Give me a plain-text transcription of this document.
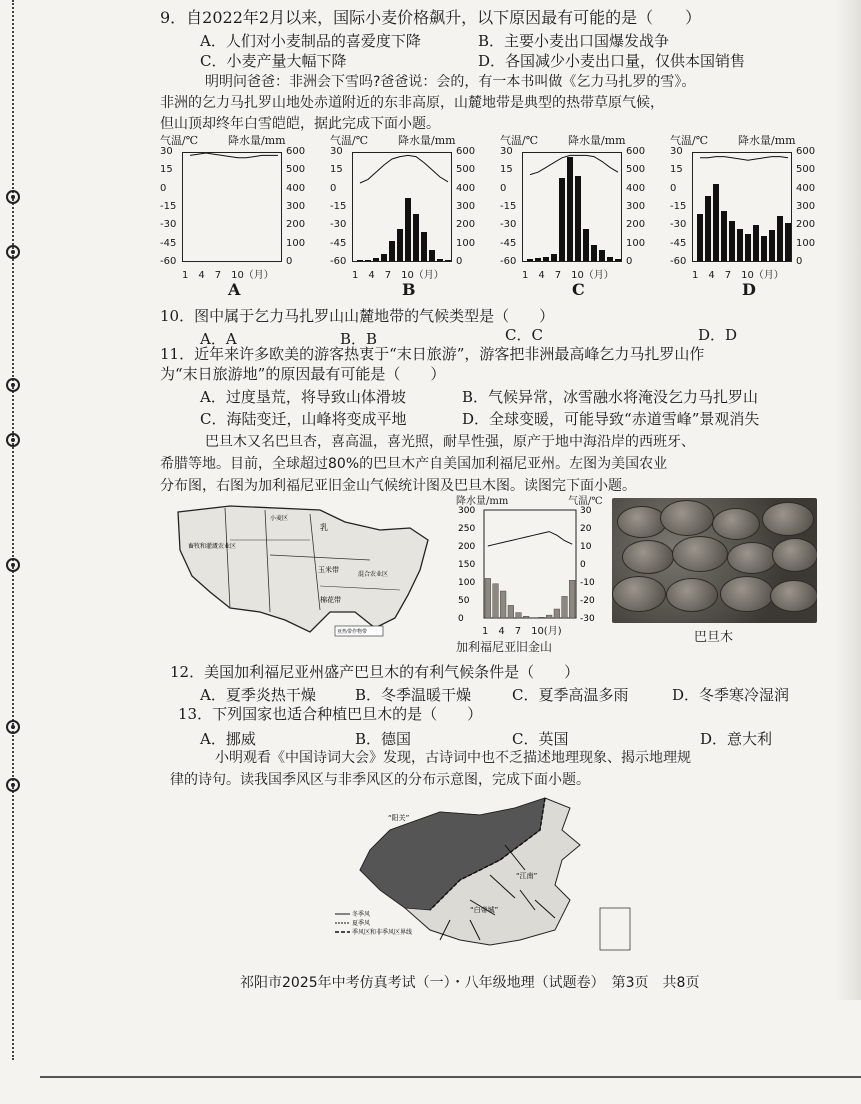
9．自2022年2月以来，国际小麦价格飙升，以下原因最有可能的是（　　）
A．人们对小麦制品的喜爱度下降	B．主要小麦出口国爆发战争
C．小麦产量大幅下降	D．各国减少小麦出口量，仅供本国销售
明明问爸爸：非洲会下雪吗?爸爸说：会的，有一本书叫做《乞力马扎罗的雪》。
非洲的乞力马扎罗山地处赤道附近的东非高原，山麓地带是典型的热带草原气候，
但山顶却终年白雪皑皑，据此完成下面小题。
气温/℃	降水量/mm
30
15
0
-15
-30
-45
-60
600
500
400
300
200
100
0
1　4　7　10（月）
A
气温/℃	降水量/mm
30
15
0
-15
-30
-45
-60
600
500
400
300
200
100
0
1　4　7　10（月）
B
气温/℃	降水量/mm
30
15
0
-15
-30
-45
-60
600
500
400
300
200
100
0
1　4　7　10（月）
C
气温/℃	降水量/mm
30
15
0
-15
-30
-45
-60
600
500
400
300
200
100
0
1　4　7　10（月）
D
10．图中属于乞力马扎罗山山麓地带的气候类型是（　　）
A．A	B．B	C．C	D．D
11．近年来许多欧美的游客热衷于“末日旅游”，游客把非洲最高峰乞力马扎罗山作
为“末日旅游地”的原因最有可能是（　　）
A．过度垦荒，将导致山体滑坡	B．气候异常，冰雪融水将淹没乞力马扎罗山
C．海陆变迁，山峰将变成平地	D．全球变暖，可能导致“赤道雪峰”景观消失
巴旦木又名巴旦杏，喜高温，喜光照，耐旱性强，原产于地中海沿岸的西班牙、
希腊等地。目前，全球超过80%的巴旦木产自美国加利福尼亚州。左图为美国农业
分布图，右图为加利福尼亚旧金山气候统计图及巴旦木图。读图完下面小题。
畜牧和灌溉农业区
小麦区
乳
玉米带
棉花带
混合农业区
亚热带作物带
降水量/mm	气温/℃
300	30
250	20
200	10
150	0
100	-10
50	-20
0	-30
1　4　7　10(月)
加利福尼亚旧金山
巴旦木
12．美国加利福尼亚州盛产巴旦木的有利气候条件是（　　）
A．夏季炎热干燥	B．冬季温暖干燥	C．夏季高温多雨	D．冬季寒冷湿润
13．下列国家也适合种植巴旦木的是（　　）
A．挪威	B．德国	C．英国	D．意大利
小明观看《中国诗词大会》发现，古诗词中也不乏描述地理现象、揭示地理规
律的诗句。读我国季风区与非季风区的分布示意图，完成下面小题。
“阳关”
“江南”
“白帝城”
冬季风
夏季风
季风区和非季风区界线
祁阳市2025年中考仿真考试（一）・八年级地理（试题卷）　第3页　共8页
